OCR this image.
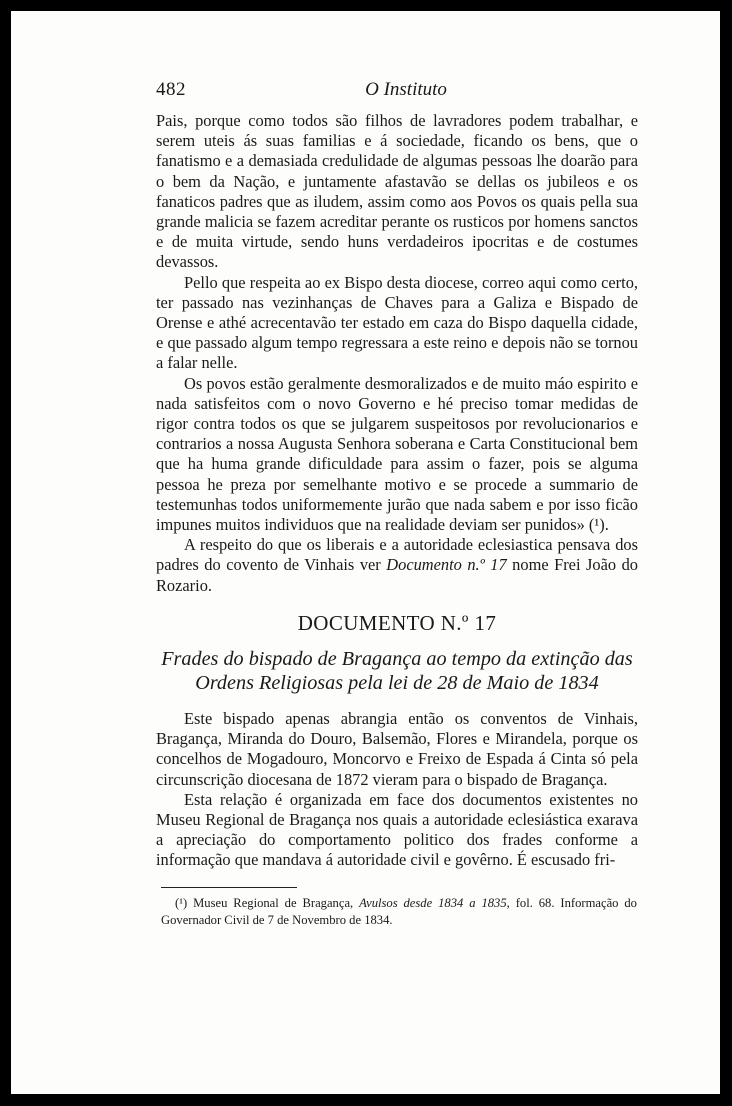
482	O Instituto

Pais, porque como todos são filhos de lavradores podem trabalhar, e serem uteis ás suas familias e á sociedade, ficando os bens, que o fanatismo e a demasiada credulidade de algumas pessoas lhe doarão para o bem da Nação, e juntamente afastavão se dellas os jubileos e os fanaticos padres que as iludem, assim como aos Povos os quais pella sua grande malicia se fazem acreditar perante os rusticos por homens sanctos e de muita virtude, sendo huns verdadeiros ipocritas e de costumes devassos.

Pello que respeita ao ex Bispo desta diocese, correo aqui como certo, ter passado nas vezinhanças de Chaves para a Galiza e Bispado de Orense e athé acrecentavão ter estado em caza do Bispo daquella cidade, e que passado algum tempo regressara a este reino e depois não se tornou a falar nelle.

Os povos estão geralmente desmoralizados e de muito máo espirito e nada satisfeitos com o novo Governo e hé preciso tomar medidas de rigor contra todos os que se julgarem suspeitosos por revolucionarios e contrarios a nossa Augusta Senhora soberana e Carta Constitucional bem que ha huma grande dificuldade para assim o fazer, pois se alguma pessoa he preza por semelhante motivo e se procede a summario de testemunhas todos uniformemente jurão que nada sabem e por isso ficão impunes muitos individuos que na realidade deviam ser punidos» (¹).

A respeito do que os liberais e a autoridade eclesiastica pensava dos padres do covento de Vinhais ver Documento n.º 17 nome Frei João do Rozario.

DOCUMENTO N.º 17
Frades do bispado de Bragança ao tempo da extinção das
Ordens Religiosas pela lei de 28 de Maio de 1834

Este bispado apenas abrangia então os conventos de Vinhais, Bragança, Miranda do Douro, Balsemão, Flores e Mirandela, porque os concelhos de Mogadouro, Moncorvo e Freixo de Espada á Cinta só pela circunscrição diocesana de 1872 vieram para o bispado de Bragança.

Esta relação é organizada em face dos documentos existentes no Museu Regional de Bragança nos quais a autoridade eclesiástica exarava a apreciação do comportamento politico dos frades conforme a informação que mandava á autoridade civil e govêrno. É escusado fri-

(¹) Museu Regional de Bragança, Avulsos desde 1834 a 1835, fol. 68. Informação do Governador Civil de 7 de Novembro de 1834.
